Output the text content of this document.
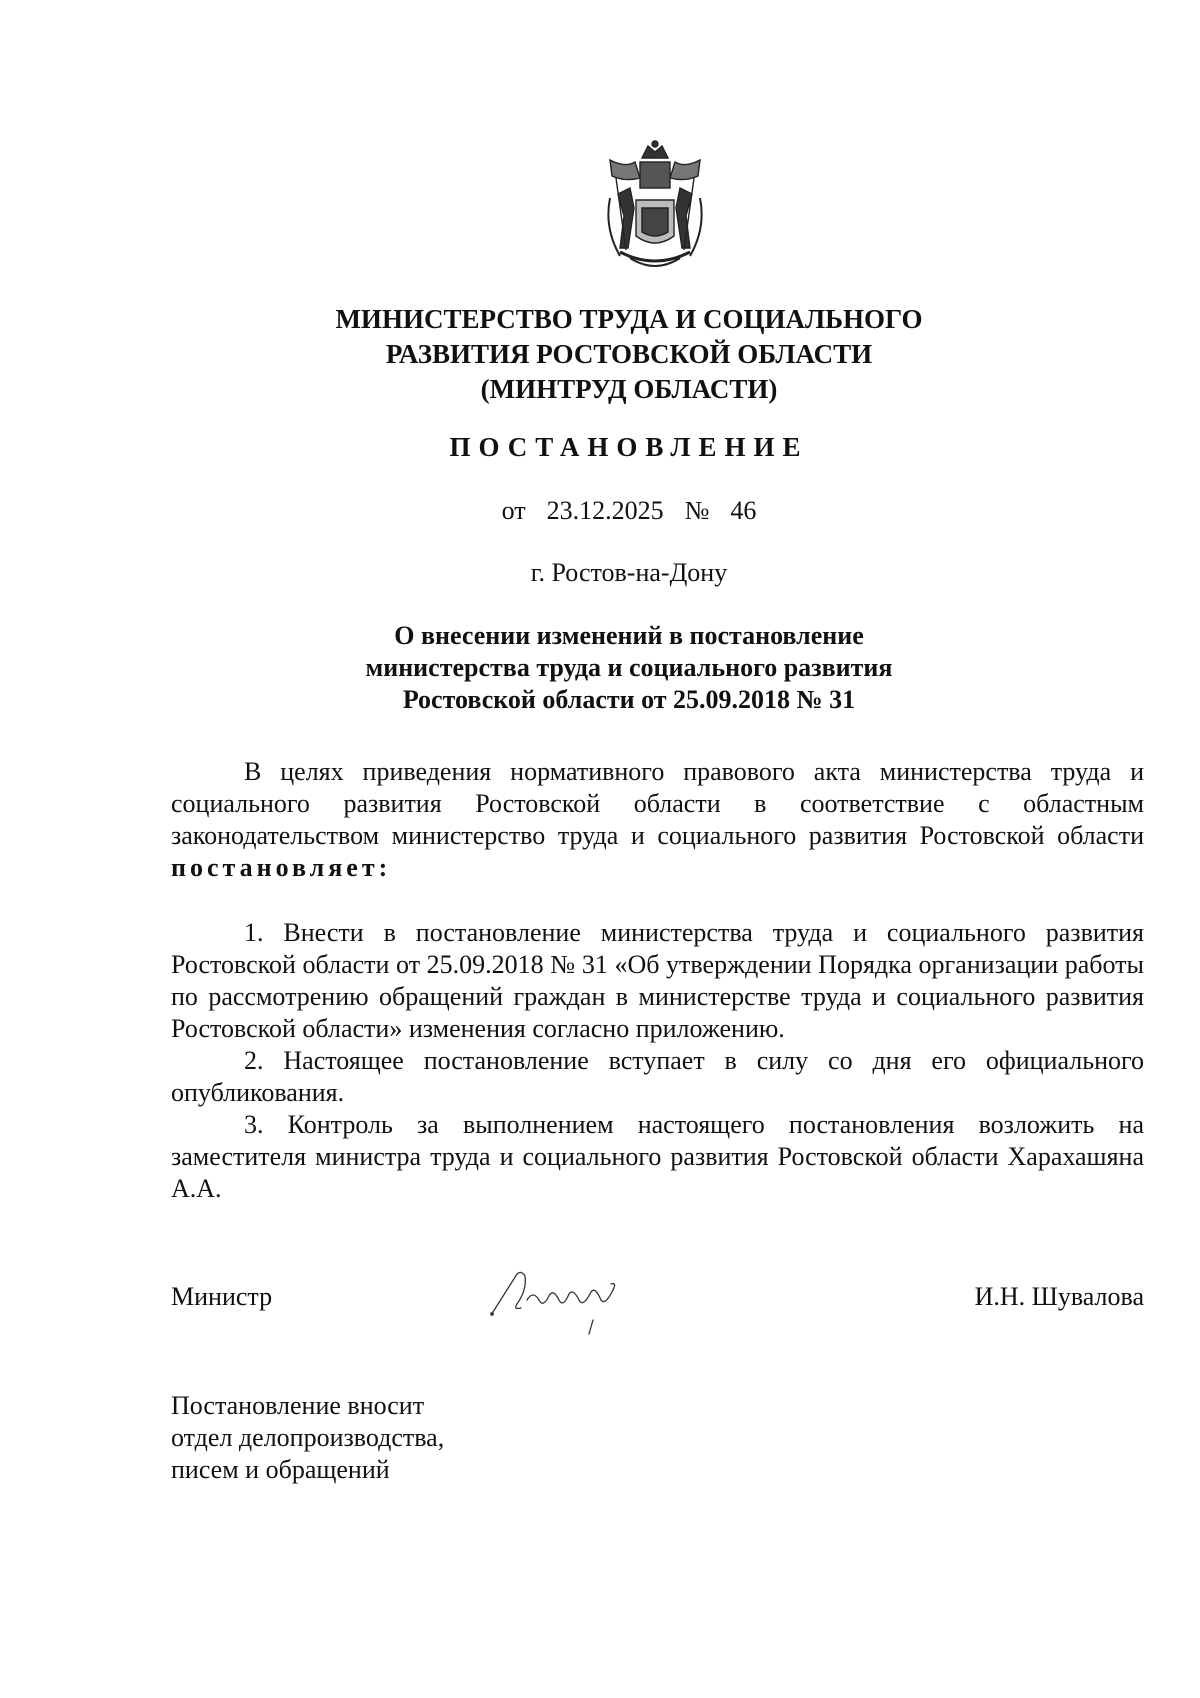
МИНИСТЕРСТВО ТРУДА И СОЦИАЛЬНОГО
РАЗВИТИЯ РОСТОВСКОЙ ОБЛАСТИ
(МИНТРУД ОБЛАСТИ)
ПОСТАНОВЛЕНИЕ
от  23.12.2025  №  46
г. Ростов-на-Дону
О внесении изменений в постановление
министерства труда и социального развития
Ростовской области от 25.09.2018 № 31

В целях приведения нормативного правового акта министерства труда и социального развития Ростовской области в соответствие с областным законодательством министерство труда и социального развития Ростовской области постановляет:

1. Внести в постановление министерства труда и социального развития Ростовской области от 25.09.2018 № 31 «Об утверждении Порядка организации работы по рассмотрению обращений граждан в министерстве труда и социального развития Ростовской области» изменения согласно приложению.

2. Настоящее постановление вступает в силу со дня его официального опубликования.

3. Контроль за выполнением настоящего постановления возложить на заместителя министра труда и социального развития Ростовской области Харахашяна А.А.

Министр	И.Н. Шувалова
Постановление вносит
отдел делопроизводства,
писем и обращений
